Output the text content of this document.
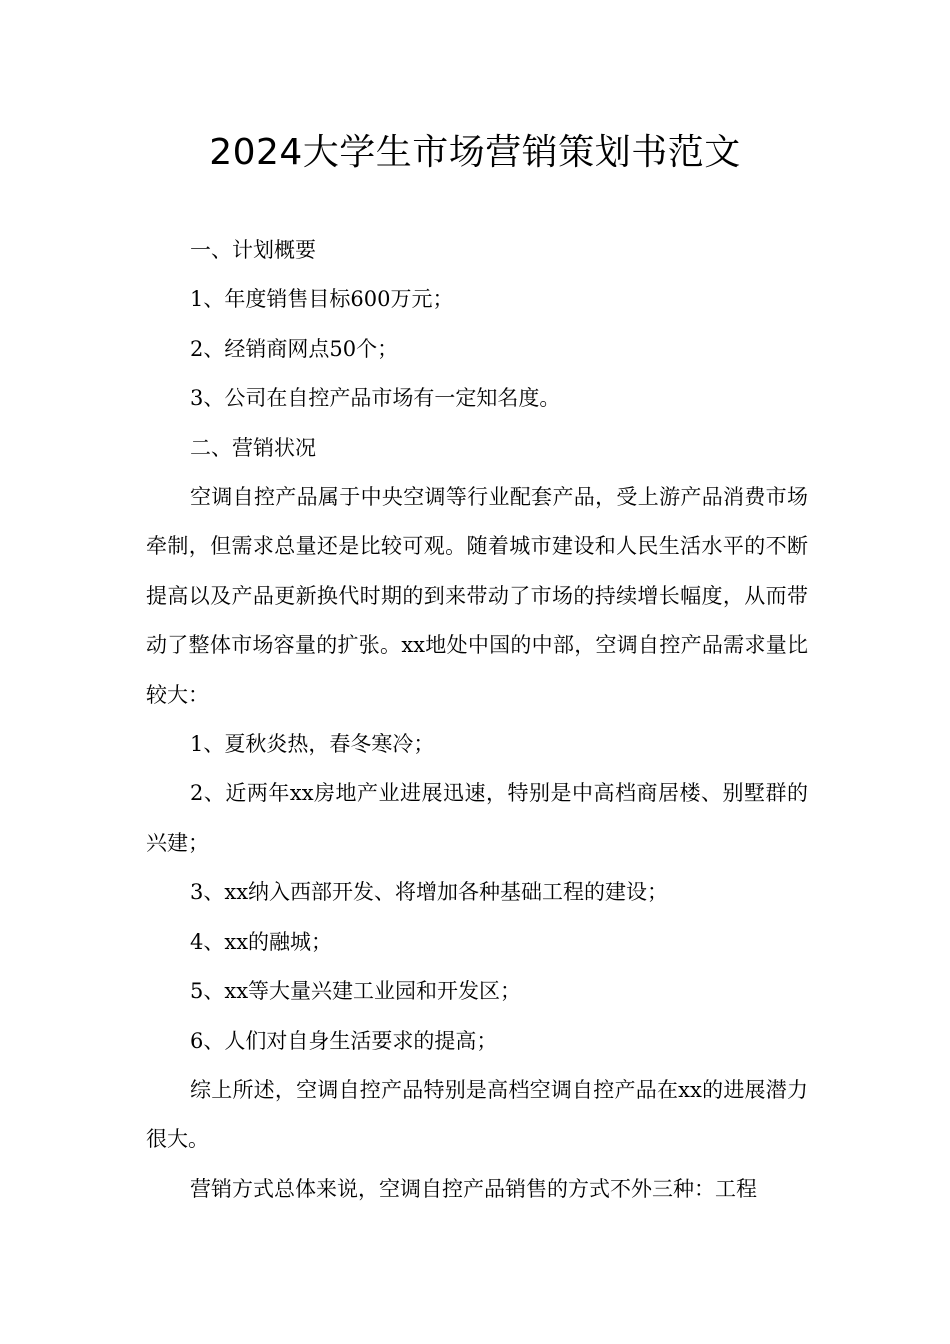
2024大学生市场营销策划书范文

一、计划概要

1、年度销售目标600万元；

2、经销商网点50个；

3、公司在自控产品市场有一定知名度。

二、营销状况

空调自控产品属于中央空调等行业配套产品，受上游产品消费市场牵制，但需求总量还是比较可观。随着城市建设和人民生活水平的不断提高以及产品更新换代时期的到来带动了市场的持续增长幅度，从而带动了整体市场容量的扩张。xx地处中国的中部，空调自控产品需求量比较大：

1、夏秋炎热，春冬寒冷；

2、近两年xx房地产业进展迅速，特别是中高档商居楼、别墅群的兴建；

3、xx纳入西部开发、将增加各种基础工程的建设；

4、xx的融城；

5、xx等大量兴建工业园和开发区；

6、人们对自身生活要求的提高；

综上所述，空调自控产品特别是高档空调自控产品在xx的进展潜力很大。

营销方式总体来说，空调自控产品销售的方式不外三种：工程
